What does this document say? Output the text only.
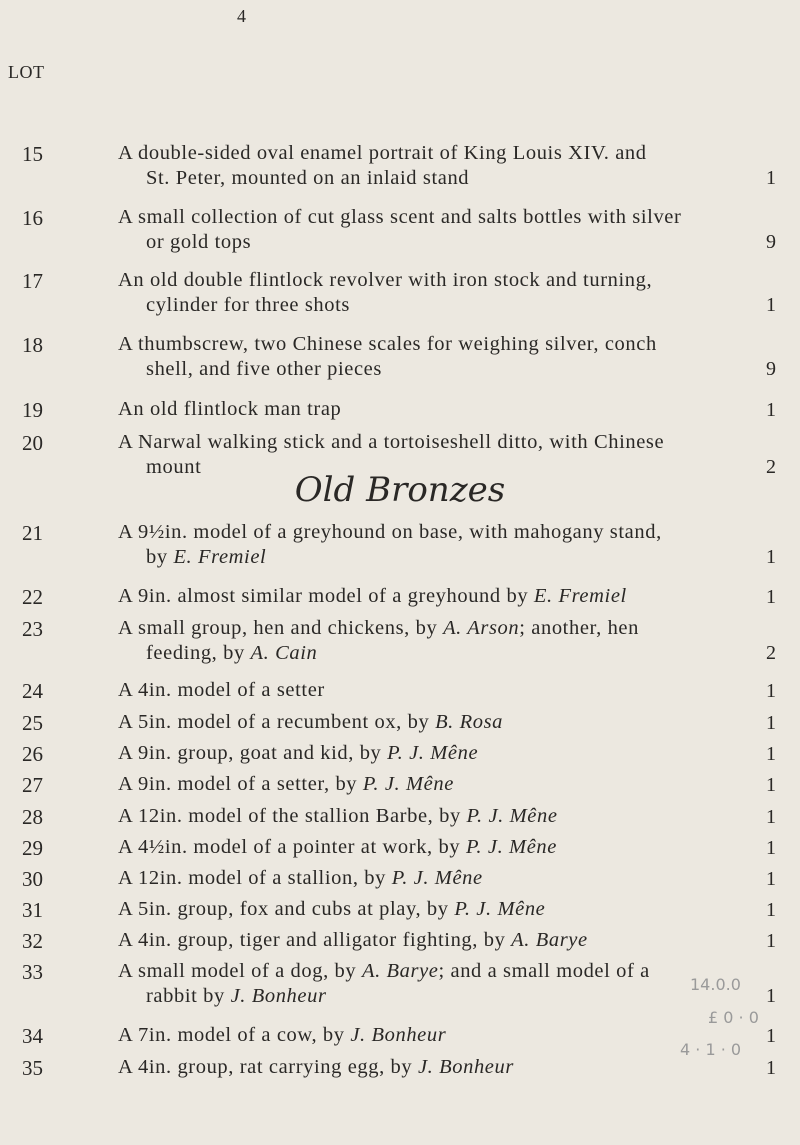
4
LOT
15	A double-sided oval enamel portrait of King Louis XIV. and
St. Peter, mounted on an inlaid stand	1
16	A small collection of cut glass scent and salts bottles with silver
or gold tops	9
17	An old double flintlock revolver with iron stock and turning,
cylinder for three shots	1
18	A thumbscrew, two Chinese scales for weighing silver, conch
shell, and five other pieces	9
19	An old flintlock man trap	1
20	A Narwal walking stick and a tortoiseshell ditto, with Chinese
mount	2
Old Bronzes
21	A 9½in. model of a greyhound on base, with mahogany stand,
by E. Fremiel	1
22	A 9in. almost similar model of a greyhound by E. Fremiel	1
23	A small group, hen and chickens, by A. Arson; another, hen
feeding, by A. Cain	2
24	A 4in. model of a setter	1
25	A 5in. model of a recumbent ox, by B. Rosa	1
26	A 9in. group, goat and kid, by P. J. Mêne	1
27	A 9in. model of a setter, by P. J. Mêne	1
28	A 12in. model of the stallion Barbe, by P. J. Mêne	1
29	A 4½in. model of a pointer at work, by P. J. Mêne	1
30	A 12in. model of a stallion, by P. J. Mêne	1
31	A 5in. group, fox and cubs at play, by P. J. Mêne	1
32	A 4in. group, tiger and alligator fighting, by A. Barye	1
33	A small model of a dog, by A. Barye; and a small model of a
rabbit by J. Bonheur	1
34	A 7in. model of a cow, by J. Bonheur	1
35	A 4in. group, rat carrying egg, by J. Bonheur	1
14.0.0
£ 0 · 0
4 · 1 · 0
